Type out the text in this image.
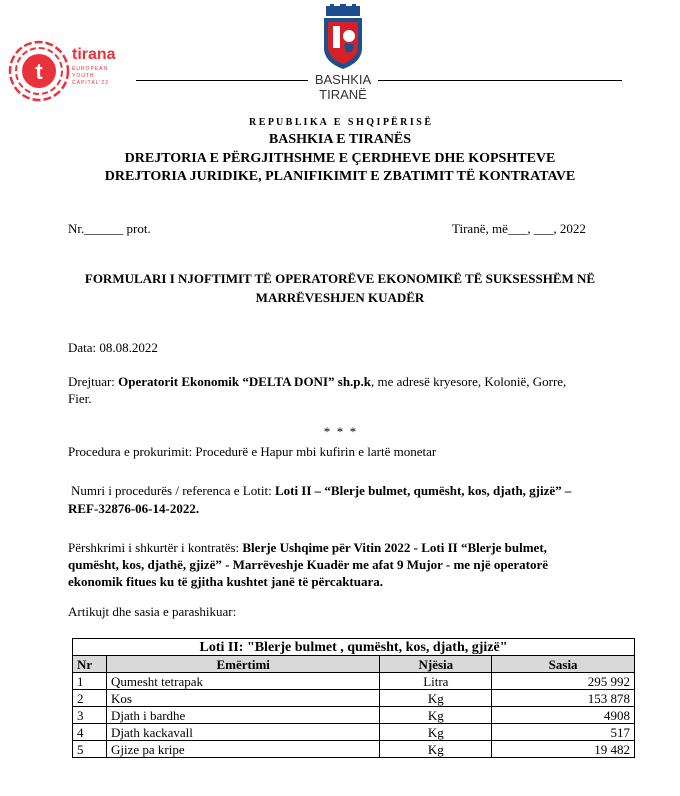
t
tirana
EUROPEAN
YOUTH
CAPITAL'22	BASHKIA
TIRANË
R E P U B L I K A   E   S H Q I P Ë R I S Ë
BASHKIA E TIRANËS
DREJTORIA E PËRGJITHSHME E ÇERDHEVE DHE KOPSHTEVE
DREJTORIA JURIDIKE, PLANIFIKIMIT E ZBATIMIT TË KONTRATAVE
Nr.______ prot.	Tiranë, më___, ___, 2022
FORMULARI I NJOFTIMIT TË OPERATORËVE EKONOMIKË TË SUKSESSHËM NË
MARRËVESHJEN KUADËR
Data: 08.08.2022
Drejtuar: Operatorit Ekonomik “DELTA DONI” sh.p.k, me adresë kryesore, Kolonië, Gorre,
Fier.
*  *  *
Procedura e prokurimit: Procedurë e Hapur mbi kufirin e lartë monetar
Numri i procedurës / referenca e Lotit: Loti II – “Blerje bulmet, qumësht, kos, djath, gjizë” –
REF-32876-06-14-2022.
Përshkrimi i shkurtër i kontratës: Blerje Ushqime për Vitin 2022 - Loti II “Blerje bulmet,
qumësht, kos, djathë, gjizë” - Marrëveshje Kuadër me afat 9 Mujor - me një operatorë
ekonomik fitues ku të gjitha kushtet janë të përcaktuara.
Artikujt dhe sasia e parashikuar:
Loti II: "Blerje bulmet , qumësht, kos, djath, gjizë"			
Nr	Emërtimi	Njësia	Sasia
1	Qumesht tetrapak	Litra	295 992
2	Kos	Kg	153 878
3	Djath i bardhe	Kg	4908
4	Djath kackavall	Kg	517
5	Gjize pa kripe	Kg	19 482
